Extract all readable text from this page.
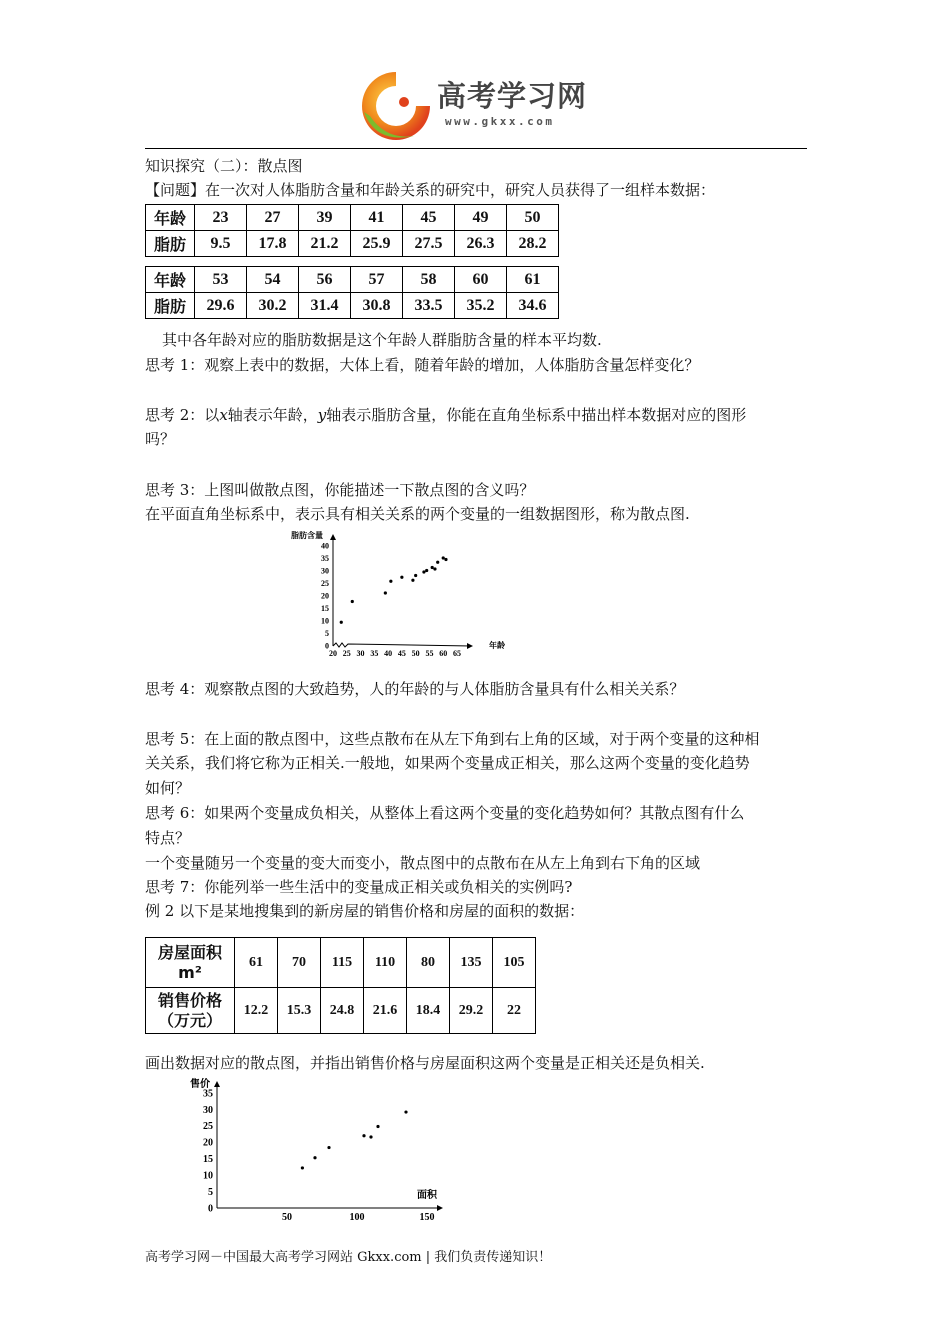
高考学习网
www.gkxx.com
知识探究（二）：散点图
【问题】在一次对人体脂肪含量和年龄关系的研究中，研究人员获得了一组样本数据：
年龄	23	27	39	41	45	49	50
脂肪	9.5	17.8	21.2	25.9	27.5	26.3	28.2
年龄	53	54	56	57	58	60	61
脂肪	29.6	30.2	31.4	30.8	33.5	35.2	34.6
其中各年龄对应的脂肪数据是这个年龄人群脂肪含量的样本平均数.
思考 1：观察上表中的数据，大体上看，随着年龄的增加，人体脂肪含量怎样变化？
思考 2：以x轴表示年龄，y轴表示脂肪含量，你能在直角坐标系中描出样本数据对应的图形
吗？
思考 3：上图叫做散点图，你能描述一下散点图的含义吗？
在平面直角坐标系中，表示具有相关关系的两个变量的一组数据图形，称为散点图.
0
5
10
15
20
25
30
35
40
20 25 30 35 40 45 50 55 60 65
脂肪含量
年龄
思考 4：观察散点图的大致趋势，人的年龄的与人体脂肪含量具有什么相关关系？
思考 5：在上面的散点图中，这些点散布在从左下角到右上角的区域，对于两个变量的这种相
关关系，我们将它称为正相关.一般地，如果两个变量成正相关，那么这两个变量的变化趋势
如何？
思考 6：如果两个变量成负相关，从整体上看这两个变量的变化趋势如何？其散点图有什么
特点？
一个变量随另一个变量的变大而变小，散点图中的点散布在从左上角到右下角的区域
思考 7：你能列举一些生活中的变量成正相关或负相关的实例吗?
例 2 以下是某地搜集到的新房屋的销售价格和房屋的面积的数据：
房屋面积
m²	61	70	115	110	80	135	105

销售价格
（万元）	12.2	15.3	24.8	21.6	18.4	29.2	22
画出数据对应的散点图，并指出销售价格与房屋面积这两个变量是正相关还是负相关.
0
5
10
15
20
25
30
35
50	100	150
售价
面积
高考学习网－中国最大高考学习网站 Gkxx.com | 我们负责传递知识！
